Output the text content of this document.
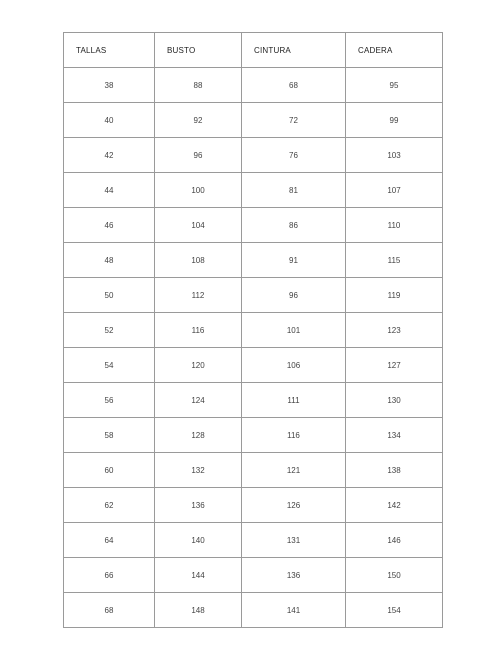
TALLAS	BUSTO	CINTURA	CADERA
38	88	68	95
40	92	72	99
42	96	76	103
44	100	81	107
46	104	86	110
48	108	91	115
50	112	96	119
52	116	101	123
54	120	106	127
56	124	111	130
58	128	116	134
60	132	121	138
62	136	126	142
64	140	131	146
66	144	136	150
68	148	141	154
